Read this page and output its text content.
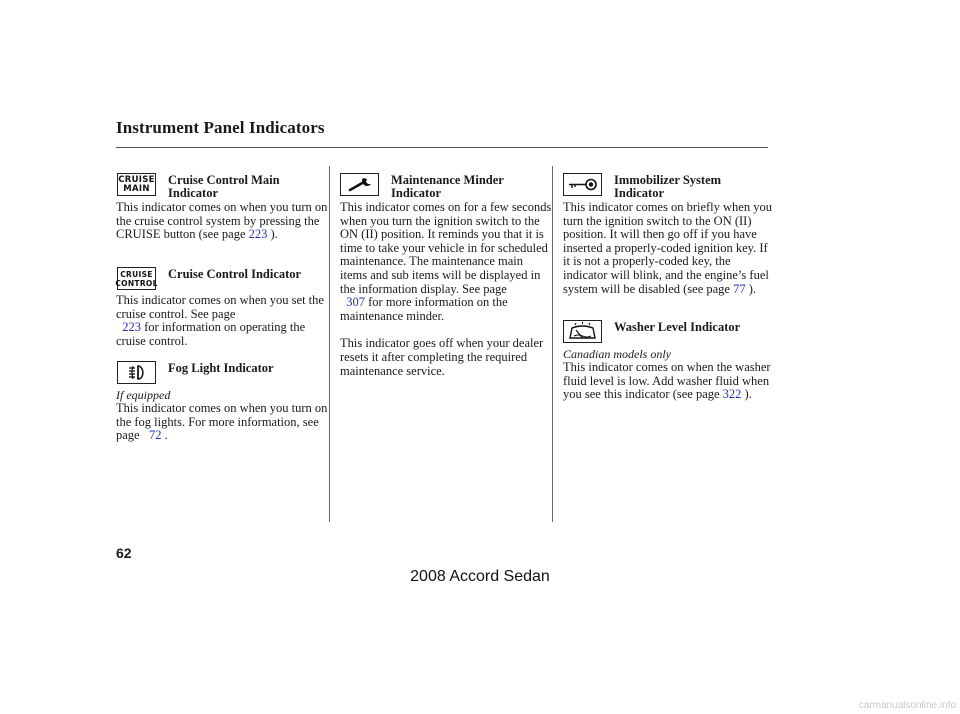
Instrument Panel Indicators
CRUISE
MAIN
Cruise Control Main
Indicator

This indicator comes on when you turn on the cruise control system by pressing the CRUISE button (see page 223 ).

CRUISE
CONTROL
Cruise Control Indicator

This indicator comes on when you set the cruise control. See page
223 for information on operating the cruise control.

Fog Light Indicator
If equipped

This indicator comes on when you turn on the fog lights. For more information, see page   72 .

Maintenance Minder
Indicator

This indicator comes on for a few seconds when you turn the ignition switch to the ON (II) position. It reminds you that it is time to take your vehicle in for scheduled maintenance. The maintenance main items and sub items will be displayed in the information display. See page
307 for more information on the maintenance minder.

This indicator goes off when your dealer resets it after completing the required maintenance service.

Immobilizer System
Indicator

This indicator comes on briefly when you turn the ignition switch to the ON (II) position. It will then go off if you have inserted a properly-coded ignition key. If it is not a properly-coded key, the indicator will blink, and the engine’s fuel system will be disabled (see page 77 ).

Washer Level Indicator
Canadian models only

This indicator comes on when the washer fluid level is low. Add washer fluid when you see this indicator (see page 322 ).

62
2008 Accord Sedan
carmanualsonline.info
